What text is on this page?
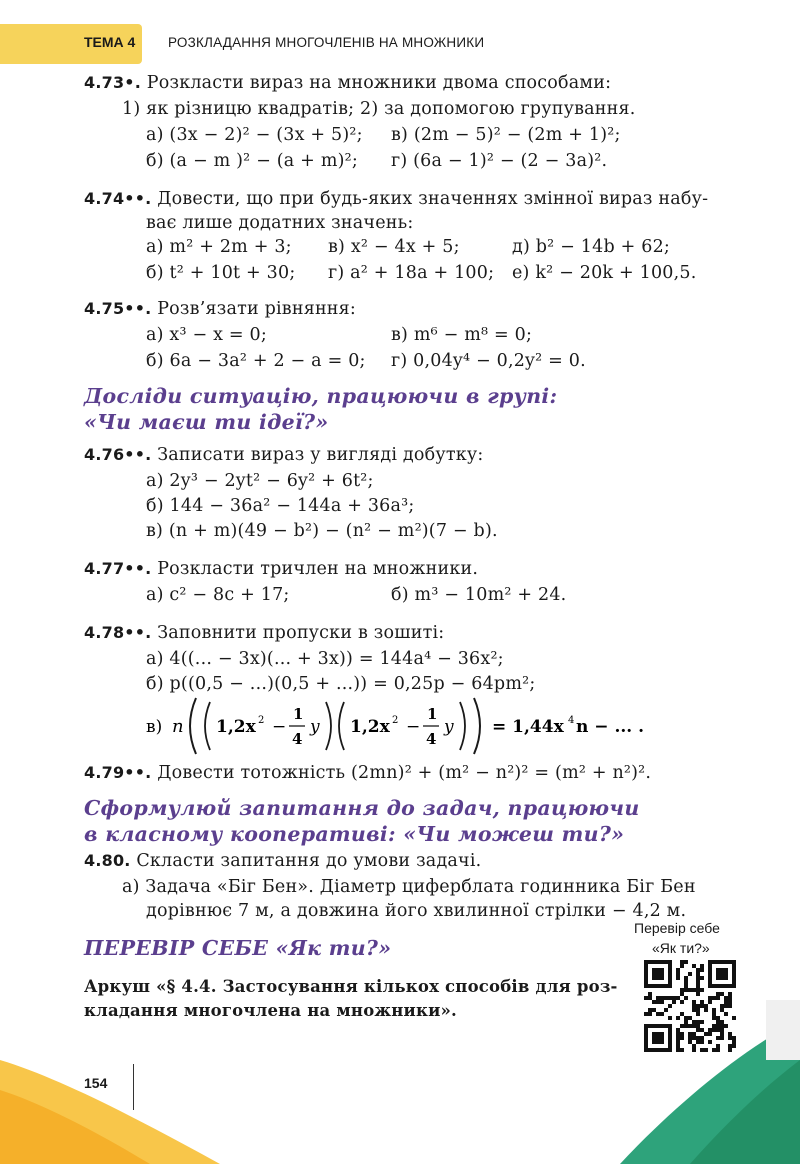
ТЕМА 4 РОЗКЛАДАННЯ МНОГОЧЛЕНІВ НА МНОЖНИКИ
4.73•. Розкласти вираз на множники двома способами:
1) як різницю квадратів; 2) за допомогою групування.
а) (3x − 2)² − (3x + 5)²; в) (2m − 5)² − (2m + 1)²;
б) (a − m )² − (a + m)²; г) (6a − 1)² − (2 − 3a)².
4.74••. Довести, що при будь-яких значеннях змінної вираз набу-
ває лише додатних значень:
а) m² + 2m + 3; в) x² − 4x + 5;	д) b² − 14b + 62;
б) t² + 10t + 30; г) a² + 18a + 100; е) k² − 20k + 100,5.
4.75••. Розв’язати рівняння:
а) x³ − x = 0;	в) m⁶ − m⁸ = 0;
б) 6a − 3a² + 2 − a = 0; г) 0,04y⁴ − 0,2y² = 0.
Досліди ситуацію, працюючи в групі:
«Чи маєш ти ідеї?»
4.76••. Записати вираз у вигляді добутку:
а) 2y³ − 2yt² − 6y² + 6t²;
б) 144 − 36a² − 144a + 36a³;
в) (n + m)(49 − b²) − (n² − m²)(7 − b).
4.77••. Розкласти тричлен на множники.
а) c² − 8c + 17;	б) m³ − 10m² + 24.
4.78••. Заповнити пропуски в зошиті:
а) 4((... − 3x)(... + 3x)) = 144a⁴ − 36x²;
б) p((0,5 − ...)(0,5 + ...)) = 0,25p − 64pm²;
в) n 1,2x 2 −
1
4
y 1,2x 2 −
1
4
y = 1,44x 4 n − ... .
4.79••. Довести тотожність (2mn)² + (m² − n²)² = (m² + n²)².
Сформулюй запитання до задач, працюючи
в класному кооперативі: «Чи можеш ти?»
4.80. Скласти запитання до умови задачі.
а) Задача «Біг Бен». Діаметр циферблата годинника Біг Бен
дорівнює 7 м, а довжина його хвилинної стрілки − 4,2 м.
Перевір себе
«Як ти?»
ПЕРЕВІР СЕБЕ «Як ти?»
Аркуш «§ 4.4. Застосування кількох способів для роз-
кладання многочлена на множники».
154
